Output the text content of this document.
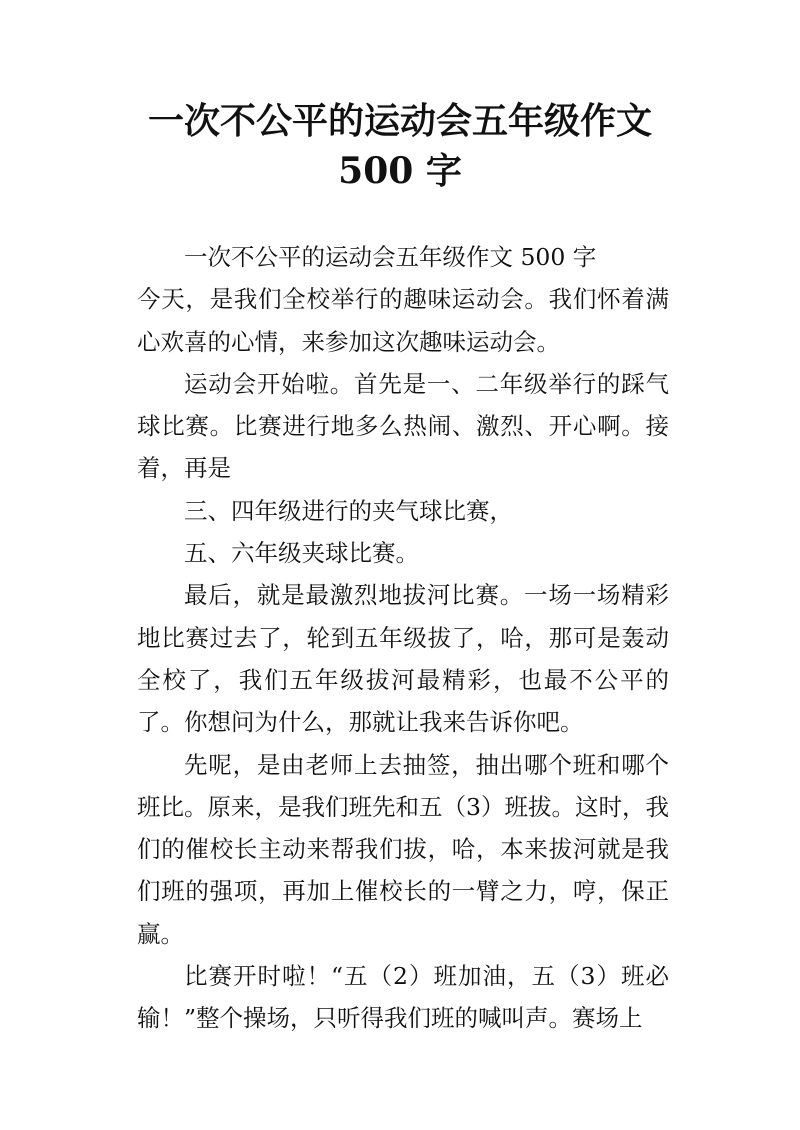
一次不公平的运动会五年级作文 500 字

一次不公平的运动会五年级作文 500 字

今天，是我们全校举行的趣味运动会。我们怀着满心欢喜的心情，来参加这次趣味运动会。

运动会开始啦。首先是一、二年级举行的踩气球比赛。比赛进行地多么热闹、激烈、开心啊。接着，再是

三、四年级进行的夹气球比赛，

五、六年级夹球比赛。

最后，就是最激烈地拔河比赛。一场一场精彩地比赛过去了，轮到五年级拔了，哈，那可是轰动全校了，我们五年级拔河最精彩，也最不公平的了。你想问为什么，那就让我来告诉你吧。

先呢，是由老师上去抽签，抽出哪个班和哪个班比。原来，是我们班先和五（3）班拔。这时，我们的催校长主动来帮我们拔，哈，本来拔河就是我们班的强项，再加上催校长的一臂之力，哼，保正赢。

比赛开时啦！“五（2）班加油，五（3）班必输！”整个操场，只听得我们班的喊叫声。赛场上
